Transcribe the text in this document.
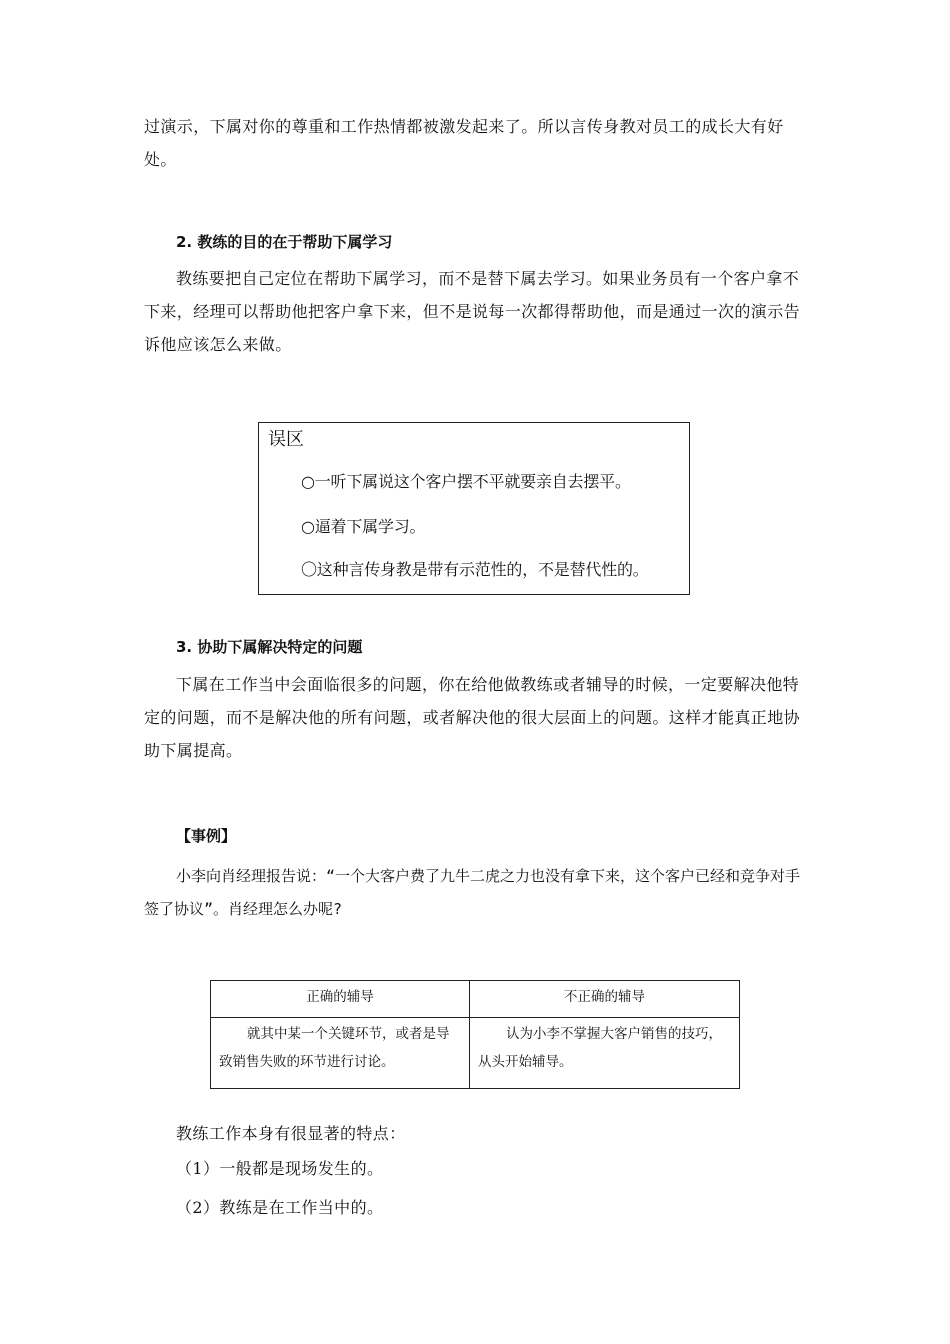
过演示，下属对你的尊重和工作热情都被激发起来了。所以言传身教对员工的成长大有好处。

2. 教练的目的在于帮助下属学习

教练要把自己定位在帮助下属学习，而不是替下属去学习。如果业务员有一个客户拿不下来，经理可以帮助他把客户拿下来，但不是说每一次都得帮助他，而是通过一次的演示告诉他应该怎么来做。

误区
○一听下属说这个客户摆不平就要亲自去摆平。
○逼着下属学习。
〇这种言传身教是带有示范性的，不是替代性的。
3. 协助下属解决特定的问题

下属在工作当中会面临很多的问题，你在给他做教练或者辅导的时候，一定要解决他特定的问题，而不是解决他的所有问题，或者解决他的很大层面上的问题。这样才能真正地协助下属提高。

【事例】

小李向肖经理报告说：“一个大客户费了九牛二虎之力也没有拿下来，这个客户已经和竞争对手签了协议”。肖经理怎么办呢?

正确的辅导	不正确的辅导
就其中某一个关键环节，或者是导致销售失败的环节进行讨论。	认为小李不掌握大客户销售的技巧，从头开始辅导。

教练工作本身有很显著的特点：

（1）一般都是现场发生的。

（2）教练是在工作当中的。
